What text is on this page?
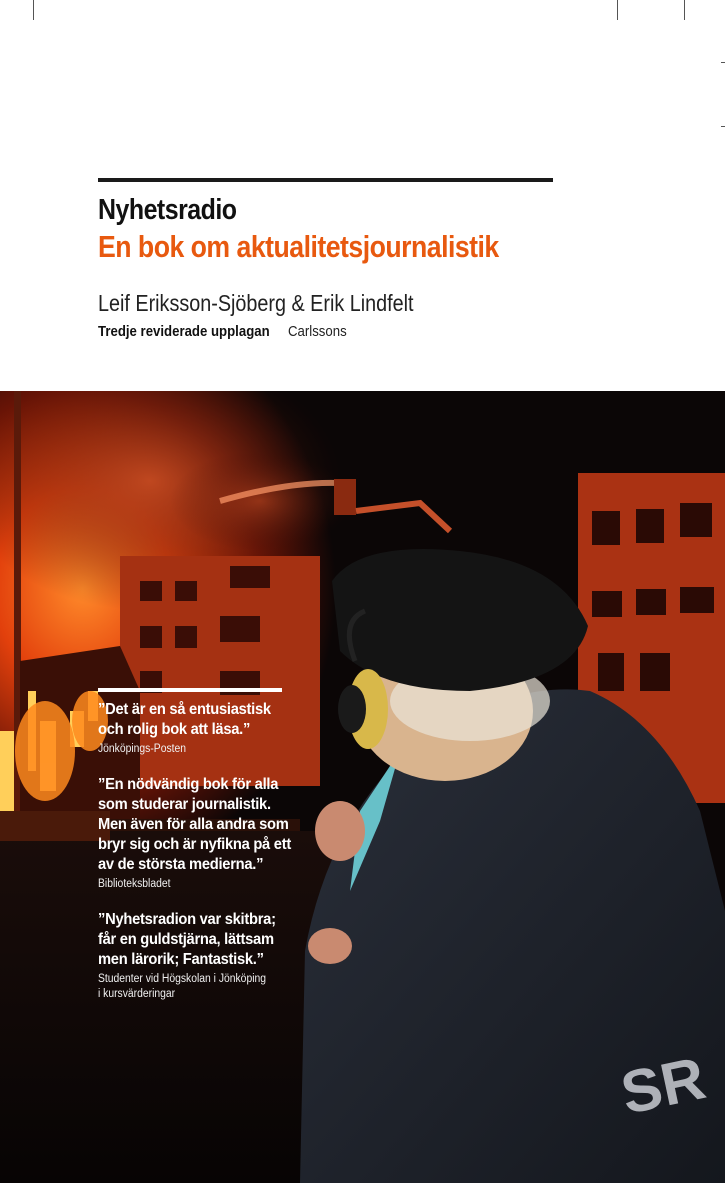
Nyhetsradio
En bok om aktualitetsjournalistik
Leif Eriksson-Sjöberg & Erik Lindfelt
Tredje reviderade upplagan Carlssons
SR
”Det är en så entusiastisk
och rolig bok att läsa.”
Jönköpings-Posten
”En nödvändig bok för alla
som studerar journalistik.
Men även för alla andra som
bryr sig och är nyfikna på ett
av de största medierna.”
Biblioteksbladet
”Nyhetsradion var skitbra;
får en guldstjärna, lättsam
men lärorik; Fantastisk.”
Studenter vid Högskolan i Jönköping
i kursvärderingar
